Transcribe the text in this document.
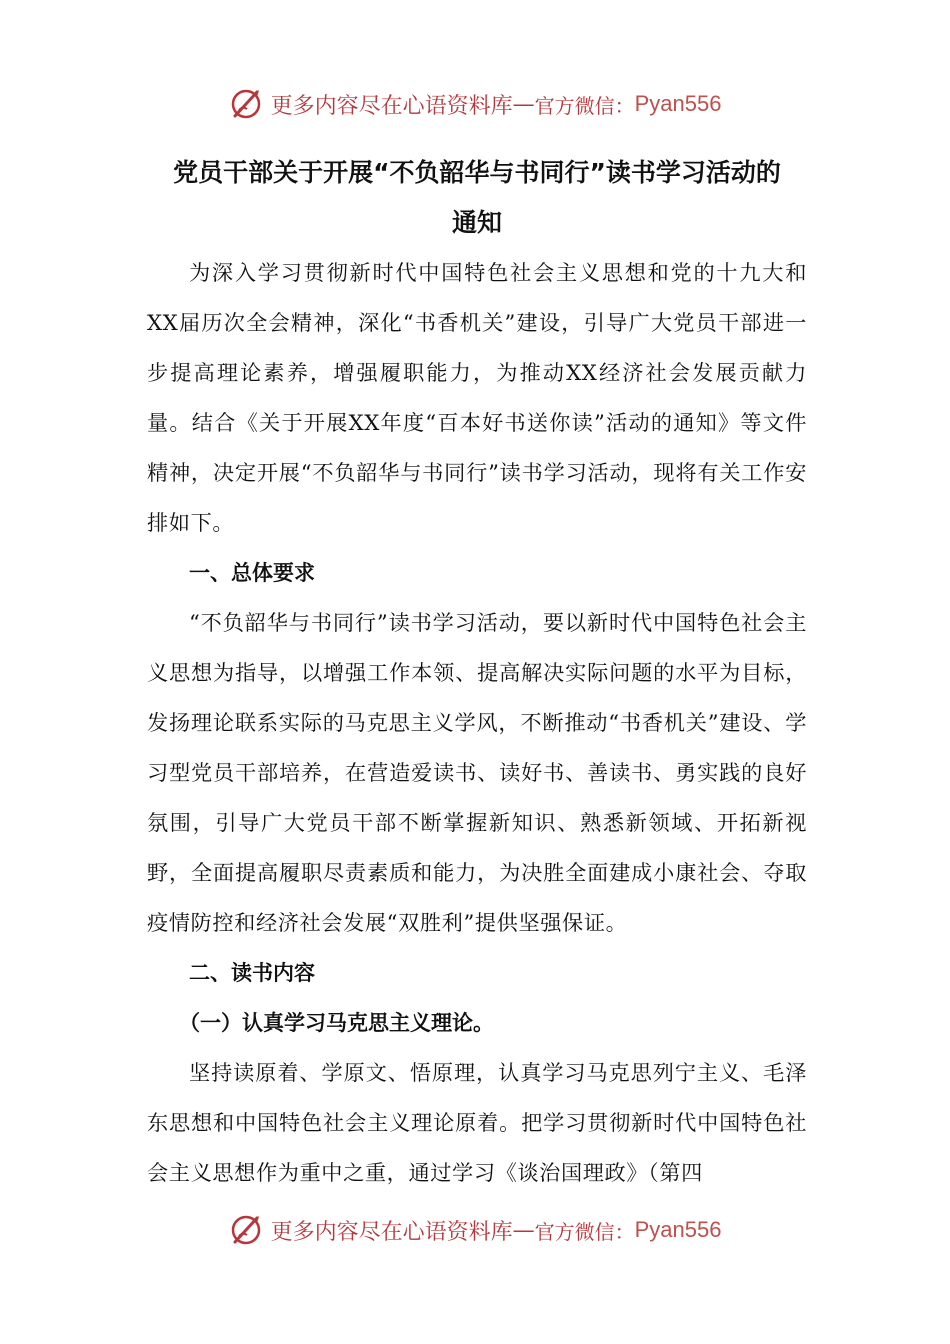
更多内容尽在心语资料库 — 官方微信： Pyan556

党员干部关于开展“不负韶华与书同行”读书学习活动的

通知

为深入学习贯彻新时代中国特色社会主义思想和党的十九大和XX届历次全会精神，深化“书香机关”建设，引导广大党员干部进一步提高理论素养，增强履职能力，为推动XX经济社会发展贡献力量。结合《关于开展XX年度“百本好书送你读”活动的通知》等文件精神，决定开展“不负韶华与书同行”读书学习活动，现将有关工作安排如下。

一、总体要求

“不负韶华与书同行”读书学习活动，要以新时代中国特色社会主义思想为指导，以增强工作本领、提高解决实际问题的水平为目标，发扬理论联系实际的马克思主义学风，不断推动“书香机关”建设、学习型党员干部培养，在营造爱读书、读好书、善读书、勇实践的良好氛围，引导广大党员干部不断掌握新知识、熟悉新领域、开拓新视野，全面提高履职尽责素质和能力，为决胜全面建成小康社会、夺取疫情防控和经济社会发展“双胜利”提供坚强保证。

二、读书内容

（一）认真学习马克思主义理论。

坚持读原着、学原文、悟原理，认真学习马克思列宁主义、毛泽东思想和中国特色社会主义理论原着。把学习贯彻新时代中国特色社会主义思想作为重中之重，通过学习《谈治国理政》（第四

更多内容尽在心语资料库 — 官方微信： Pyan556
